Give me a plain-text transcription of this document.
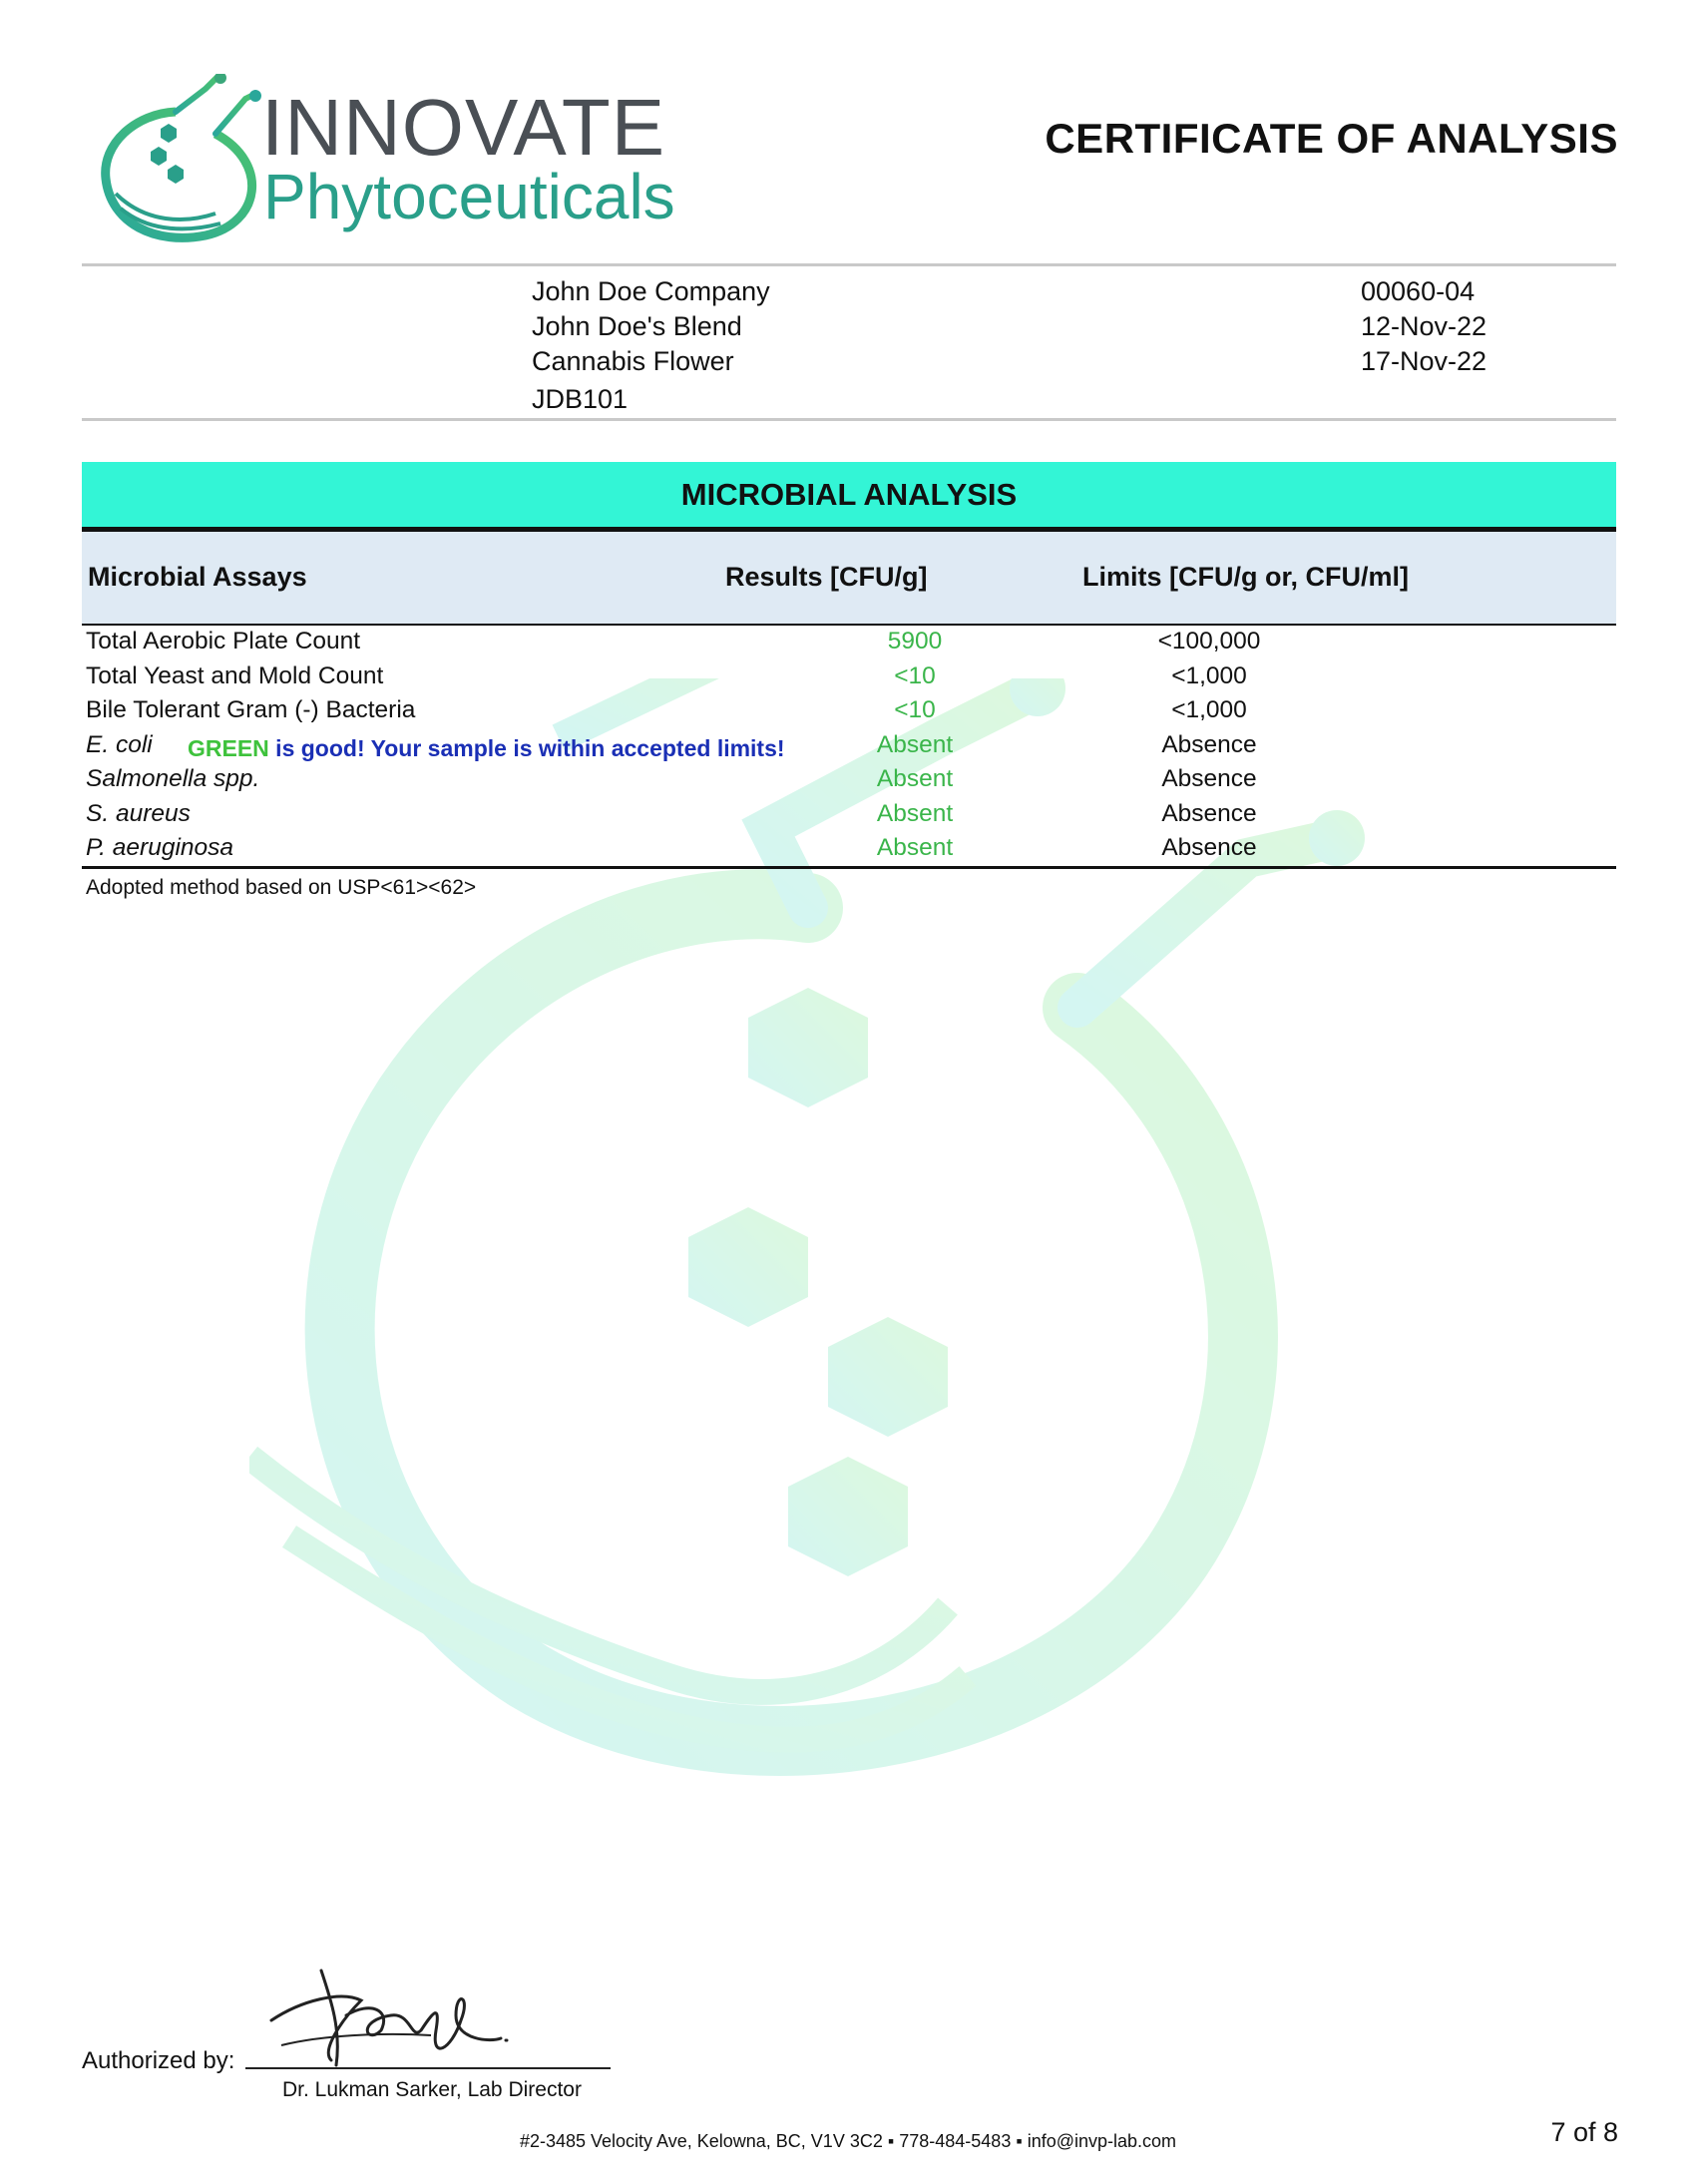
INNOVATE
Phytoceuticals
CERTIFICATE OF ANALYSIS
John Doe Company
John Doe's Blend
Cannabis Flower
JDB101
00060-04
12-Nov-22
17-Nov-22
MICROBIAL ANALYSIS
Microbial Assays	Results [CFU/g]	Limits [CFU/g or, CFU/ml]
Total Aerobic Plate Count	5900	<100,000
Total Yeast and Mold Count	<10	<1,000
Bile Tolerant Gram (-) Bacteria	<10	<1,000
E. coli	Absent	Absence
Salmonella spp.	Absent	Absence
S. aureus	Absent	Absence
P. aeruginosa	Absent	Absence
GREEN is good! Your sample is within accepted limits!
Adopted method based on USP<61><62>
Authorized by:
Dr. Lukman Sarker, Lab Director
#2-3485 Velocity Ave, Kelowna, BC, V1V 3C2 ▪ 778-484-5483 ▪ info@invp-lab.com	7 of 8
